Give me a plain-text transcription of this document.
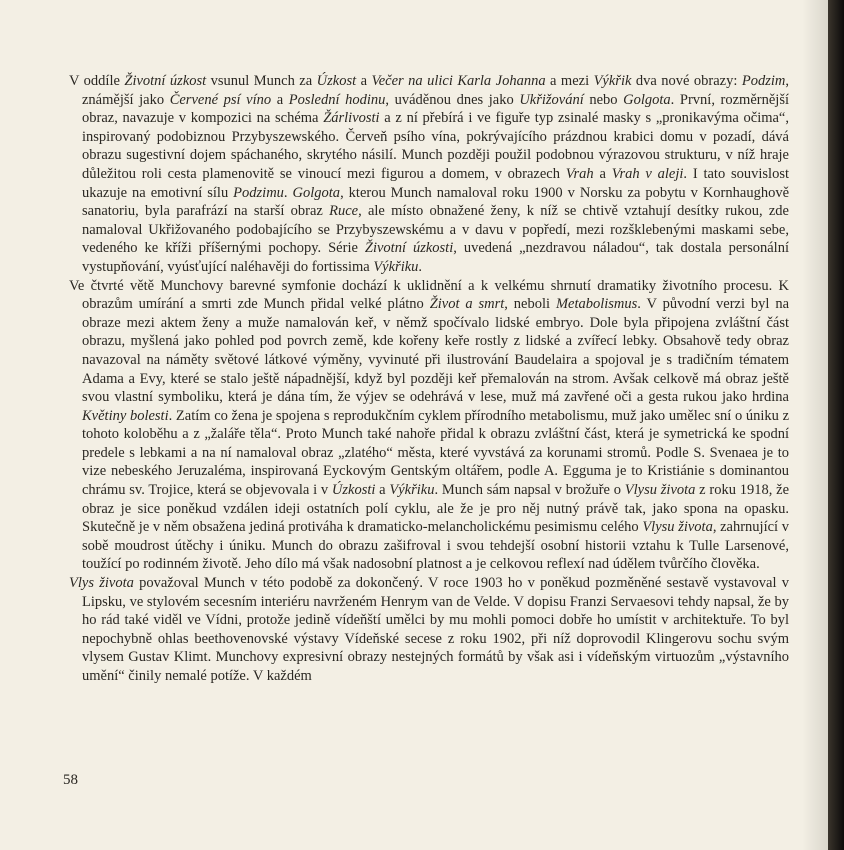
V oddíle Životní úzkost vsunul Munch za Úzkost a Večer na ulici Karla Johanna a mezi Výkřik dva nové obrazy: Podzim, známější jako Červené psí víno a Poslední hodinu, uváděnou dnes jako Ukřižování nebo Golgota. První, rozměrnější obraz, navazuje v kompozici na schéma Žárlivosti a z ní přebírá i ve figuře typ zsinalé masky s „pronikavýma očima“, inspirovaný podobiznou Przybyszewského. Červeň psího vína, pokrývajícího prázdnou krabici domu v pozadí, dává obrazu sugestivní dojem spáchaného, skrytého násilí. Munch později použil podobnou výrazovou strukturu, v níž hraje důležitou roli cesta plamenovitě se vinoucí mezi figurou a domem, v obrazech Vrah a Vrah v aleji. I tato souvislost ukazuje na emotivní sílu Podzimu. Golgota, kterou Munch namaloval roku 1900 v Norsku za pobytu v Kornhaughově sanatoriu, byla parafrází na starší obraz Ruce, ale místo obnažené ženy, k níž se chtivě vztahují desítky rukou, zde namaloval Ukřižovaného podobajícího se Przybyszewskému a v davu v popředí, mezi rozšklebenými maskami sebe, vedeného ke kříži příšernými pochopy. Série Životní úzkosti, uvedená „nezdravou náladou“, tak dostala personální vystupňování, vyúsťující naléhavěji do fortissima Výkřiku.

Ve čtvrté větě Munchovy barevné symfonie dochází k uklidnění a k velkému shrnutí dramatiky životního procesu. K obrazům umírání a smrti zde Munch přidal velké plátno Život a smrt, neboli Metabolismus. V původní verzi byl na obraze mezi aktem ženy a muže namalován keř, v němž spočívalo lidské embryo. Dole byla připojena zvláštní část obrazu, myšlená jako pohled pod povrch země, kde kořeny keře rostly z lidské a zvířecí lebky. Obsahově tedy obraz navazoval na náměty světové látkové výměny, vyvinuté při ilustrování Baudelaira a spojoval je s tradičním tématem Adama a Evy, které se stalo ještě nápadnější, když byl později keř přemalován na strom. Avšak celkově má obraz ještě svou vlastní symboliku, která je dána tím, že výjev se odehrává v lese, muž má zavřené oči a gesta rukou jako hrdina Květiny bolesti. Zatím co žena je spojena s reprodukčním cyklem přírodního metabolismu, muž jako umělec sní o úniku z tohoto koloběhu a z „žaláře těla“. Proto Munch také nahoře přidal k obrazu zvláštní část, která je symetrická ke spodní predele s lebkami a na ní namaloval obraz „zlatého“ města, které vyvstává za korunami stromů. Podle S. Svenaea je to vize nebeského Jeruzaléma, inspirovaná Eyckovým Gentským oltářem, podle A. Egguma je to Kristiánie s dominantou chrámu sv. Trojice, která se objevovala i v Úzkosti a Výkřiku. Munch sám napsal v brožuře o Vlysu života z roku 1918, že obraz je sice poněkud vzdálen ideji ostatních polí cyklu, ale že je pro něj nutný právě tak, jako spona na opasku. Skutečně je v něm obsažena jediná protiváha k dramaticko-melancholickému pesimismu celého Vlysu života, zahrnující v sobě moudrost útěchy i úniku. Munch do obrazu zašifroval i svou tehdejší osobní historii vztahu k Tulle Larsenové, toužící po rodinném životě. Jeho dílo má však nadosobní platnost a je celkovou reflexí nad údělem tvůrčího člověka.

Vlys života považoval Munch v této podobě za dokončený. V roce 1903 ho v poněkud pozměněné sestavě vystavoval v Lipsku, ve stylovém secesním interiéru navrženém Henrym van de Velde. V dopisu Franzi Servaesovi tehdy napsal, že by ho rád také viděl ve Vídni, protože jedině vídeňští umělci by mu mohli pomoci dobře ho umístit v architektuře. To byl nepochybně ohlas beethovenovské výstavy Vídeňské secese z roku 1902, při níž doprovodil Klingerovu sochu svým vlysem Gustav Klimt. Munchovy expresivní obrazy nestejných formátů by však asi i vídeňským virtuozům „výstavního umění“ činily nemalé potíže. V každém

58
